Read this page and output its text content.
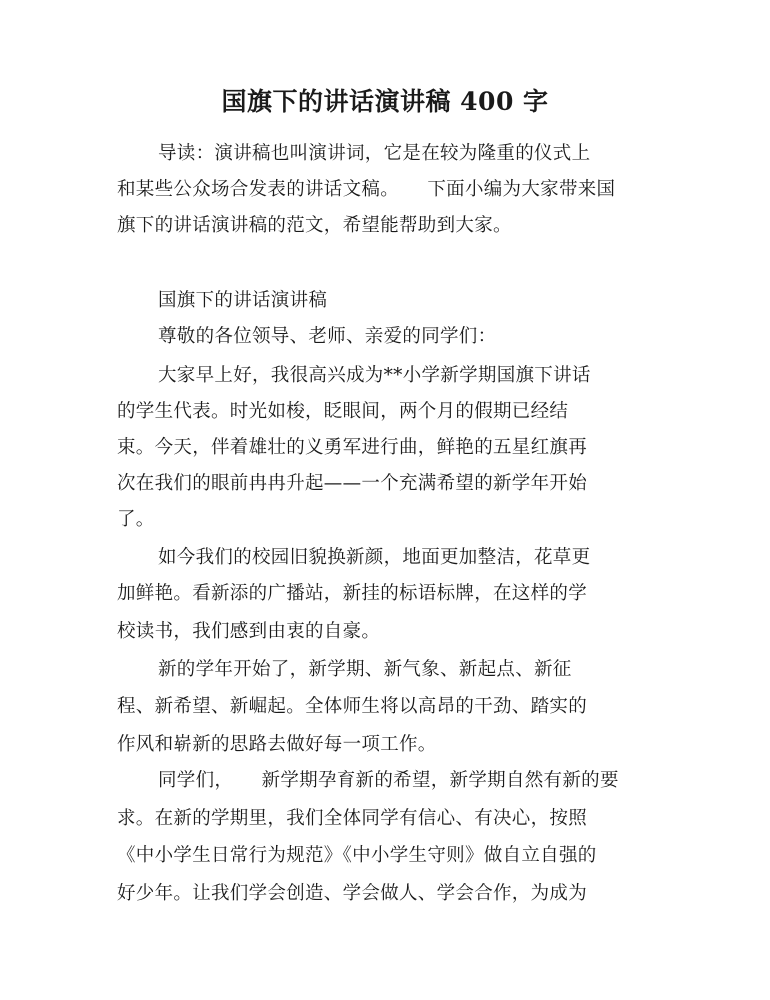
国旗下的讲话演讲稿 400 字
导读：演讲稿也叫演讲词，它是在较为隆重的仪式上
和某些公众场合发表的讲话文稿。　　下面小编为大家带来国
旗下的讲话演讲稿的范文，希望能帮助到大家。
国旗下的讲话演讲稿
尊敬的各位领导、老师、亲爱的同学们：
大家早上好，我很高兴成为**小学新学期国旗下讲话
的学生代表。时光如梭，眨眼间，两个月的假期已经结
束。今天，伴着雄壮的义勇军进行曲，鲜艳的五星红旗再
次在我们的眼前冉冉升起——一个充满希望的新学年开始
了。
如今我们的校园旧貌换新颜，地面更加整洁，花草更
加鲜艳。看新添的广播站，新挂的标语标牌，在这样的学
校读书，我们感到由衷的自豪。
新的学年开始了，新学期、新气象、新起点、新征
程、新希望、新崛起。全体师生将以高昂的干劲、踏实的
作风和崭新的思路去做好每一项工作。
同学们，　　新学期孕育新的希望，新学期自然有新的要
求。在新的学期里，我们全体同学有信心、有决心，按照
《中小学生日常行为规范》《中小学生守则》做自立自强的
好少年。让我们学会创造、学会做人、学会合作，为成为
